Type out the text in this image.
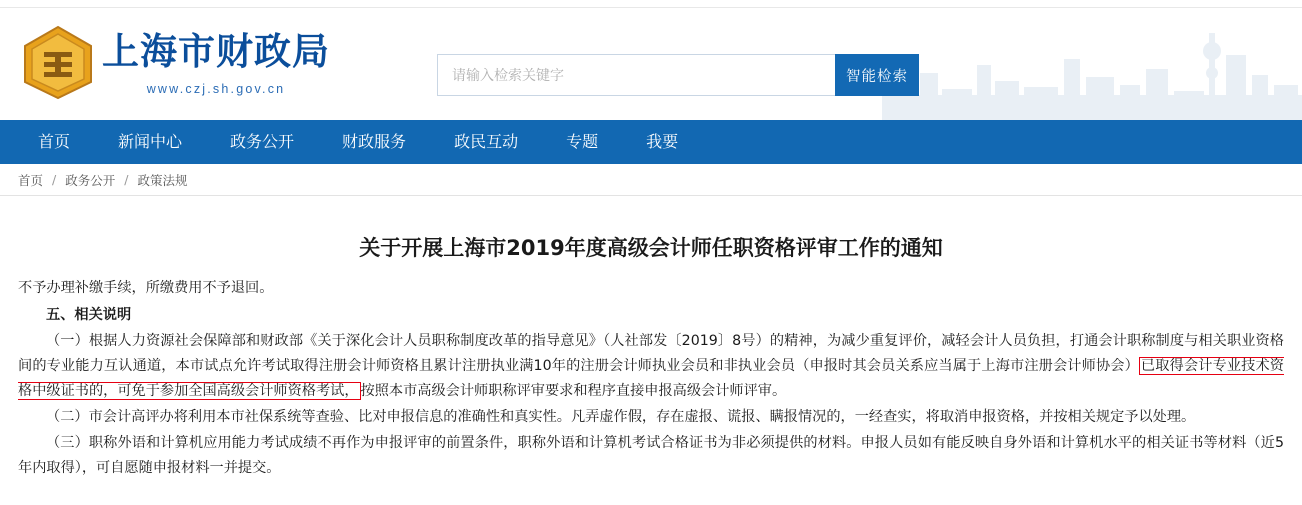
上海市财政局
www.czj.sh.gov.cn
请输入检索关键字
智能检索
首页	新闻中心	政务公开	财政服务	政民互动	专题	我要
首页 / 政务公开 / 政策法规
关于开展上海市2019年度高级会计师任职资格评审工作的通知
不予办理补缴手续，所缴费用不予退回。

五、相关说明

（一）根据人力资源社会保障部和财政部《关于深化会计人员职称制度改革的指导意见》（人社部发〔2019〕8号）的精神，为减少重复评价，减轻会计人员负担，打通会计职称制度与相关职业资格间的专业能力互认通道，本市试点允许考试取得注册会计师资格且累计注册执业满10年的注册会计师执业会员和非执业会员（申报时其会员关系应当属于上海市注册会计师协会） 已取得会计专业技术资格中级证书的，可免于参加全国高级会计师资格考试， 按照本市高级会计师职称评审要求和程序直接申报高级会计师评审。

（二）市会计高评办将利用本市社保系统等查验、比对申报信息的准确性和真实性。凡弄虚作假，存在虚报、谎报、瞒报情况的，一经查实，将取消申报资格，并按相关规定予以处理。

（三）职称外语和计算机应用能力考试成绩不再作为申报评审的前置条件，职称外语和计算机考试合格证书为非必须提供的材料。申报人员如有能反映自身外语和计算机水平的相关证书等材料（近5年内取得），可自愿随申报材料一并提交。
